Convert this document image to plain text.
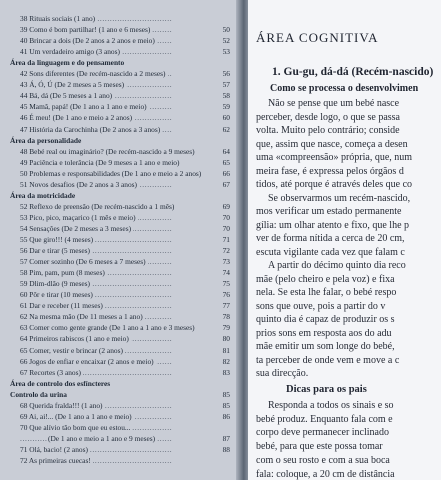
. . .
38 Rituais sociais (1 ano)
. . .
39 Como é bom partilhar! (1 ano e 6 meses)	50
. . .
40 Brincar a dois (De 2 anos a 2 anos e meio)	52
. . .
41 Um verdadeiro amigo (3 anos)	53
Área da linguagem e do pensamento
. . .
42 Sons diferentes (De recém-nascido a 2 meses)	56
. . .
43 Á, Ó, Ú (De 2 meses a 5 meses)	57
. . .
44 Bá, dá (De 5 meses a 1 ano)	58
. . .
45 Mamã, papá! (De 1 ano a 1 ano e meio)	59
. . .
46 É meu! (De 1 ano e meio a 2 anos)	60
. . .
47 História da Carochinha (De 2 anos a 3 anos)	62
Área da personalidade
. . .
48 Bebé real ou imaginário? (De recém-nascido a 9 meses)	64
. . .
49 Paciência e tolerância (De 9 meses a 1 ano e meio)	65
. . .
50 Problemas e responsabilidades (De 1 ano e meio a 2 anos)	66
. . .
51 Novos desafios (De 2 anos a 3 anos)	67
Área da motricidade
. . .
52 Reflexo de preensão (De recém-nascido a 1 mês)	69
. . .
53 Pico, pico, maçarico (1 mês e meio)	70
. . .
54 Sensações (De 2 meses a 3 meses)	70
. . .
55 Que giro!!! (4 meses)	71
. . .
56 Dar e tirar (5 meses)	72
. . .
57 Comer sozinho (De 6 meses a 7 meses)	73
. . .
58 Pim, pam, pum (8 meses)	74
. . .
59 Dlim-dlão (9 meses)	75
. . .
60 Pôr e tirar (10 meses)	76
. . .
61 Dar e receber (11 meses)	77
. . .
62 Na mesma mão (De 11 meses a 1 ano)	78
. . .
63 Comer como gente grande (De 1 ano a 1 ano e 3 meses)	79
. . .
64 Primeiros rabiscos (1 ano e meio)	80
. . .
65 Comer, vestir e brincar (2 anos)	81
. . .
66 Jogos de enfiar e encaixar (2 anos e meio)	82
. . .
67 Recortes (3 anos)	83
Área de controlo dos esfíncteres
Controlo da urina	85
. . .
68 Querida fralda!!! (1 ano)	85
. . .
69 Ai, ai!... (De 1 ano a 1 ano e meio)	86
. . .
70 Que alívio tão bom que eu estou...
. . .
(De 1 ano e meio a 1 ano e 9 meses)	87
. . .
71 Olá, bacio! (2 anos)	88
. . .
72 As primeiras cuecas!
ÁREA COGNITIVA
1. Gu-gu, dá-dá (Recém-nascido)
Como se processa o desenvolvimen
Não se pense que um bebé nasce
perceber, desde logo, o que se passa
volta. Muito pelo contrário; conside
que, assim que nasce, começa a desen
uma «compreensão» própria, que, num
meira fase, é expressa pelos órgãos d
tidos, até porque é através deles que co
Se observarmos um recém-nascido,
mos verificar um estado permanente
gília: um olhar atento e fixo, que lhe p
ver de forma nítida a cerca de 20 cm,
escuta vigilante cada vez que falam c
A partir do décimo quinto dia reco
mãe (pelo cheiro e pela voz) e fixa
nela. Se esta lhe falar, o bebé respo
sons que ouve, pois a partir do v
quinto dia é capaz de produzir os s
prios sons em resposta aos do adu
mãe emitir um som longe do bebé,
ta perceber de onde vem e move a c
sua direcção.
Dicas para os pais
Responda a todos os sinais e so
bebé produz. Enquanto fala com e
corpo deve permanecer inclinado
bebé, para que este possa tomar
com o seu rosto e com a sua boca
fala: coloque, a 20 cm de distância
